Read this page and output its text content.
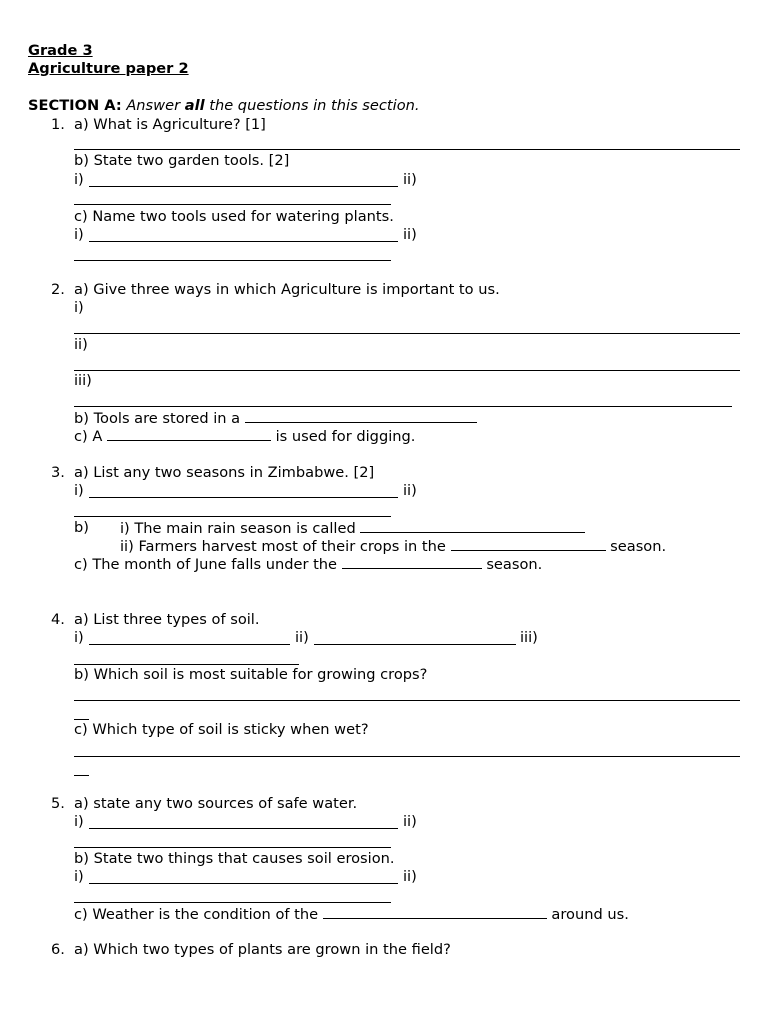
Grade 3
Agriculture paper 2
SECTION A: Answer all the questions in this section.
1. a) What is Agriculture? [1]
b) State two garden tools. [2]
i)	ii)
c) Name two tools used for watering plants.
i)	ii)
2. a) Give three ways in which Agriculture is important to us.
i)
ii)
iii)
b) Tools are stored in a
c) A	is used for digging.
3. a) List any two seasons in Zimbabwe. [2]
i)	ii)
b) i) The main rain season is called
ii) Farmers harvest most of their crops in the	season.
c) The month of June falls under the	season.
4. a) List three types of soil.
i)	ii)	iii)
b) Which soil is most suitable for growing crops?
c) Which type of soil is sticky when wet?
5. a) state any two sources of safe water.
i)	ii)
b) State two things that causes soil erosion.
i)	ii)
c) Weather is the condition of the	around us.
6. a) Which two types of plants are grown in the field?
